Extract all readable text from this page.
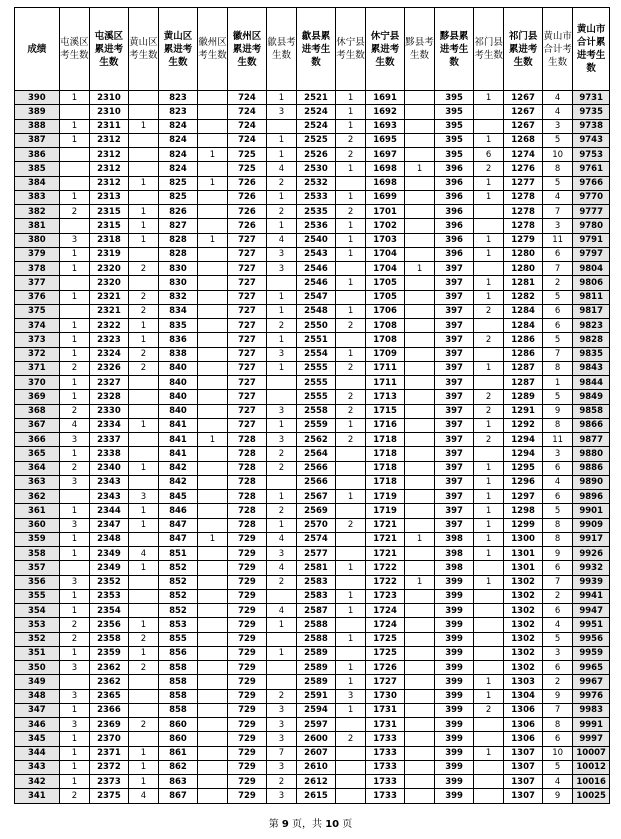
成绩	屯溪区考生数	屯溪区累进考生数	黄山区考生数	黄山区累进考生数	徽州区考生数	徽州区累进考生数	歙县考生数	歙县累进考生数	休宁县考生数	休宁县累进考生数	黟县考生数	黟县累进考生数	祁门县考生数	祁门县累进考生数	黄山市合计考生数	黄山市合计累进考生数
390	1	2310		823		724	1	2521	1	1691		395	1	1267	4	9731
389		2310		823		724	3	2524	1	1692		395		1267	4	9735
388	1	2311	1	824		724		2524	1	1693		395		1267	3	9738
387	1	2312		824		724	1	2525	2	1695		395	1	1268	5	9743
386		2312		824	1	725	1	2526	2	1697		395	6	1274	10	9753
385		2312		824		725	4	2530	1	1698	1	396	2	1276	8	9761
384		2312	1	825	1	726	2	2532		1698		396	1	1277	5	9766
383	1	2313		825		726	1	2533	1	1699		396	1	1278	4	9770
382	2	2315	1	826		726	2	2535	2	1701		396		1278	7	9777
381		2315	1	827		726	1	2536	1	1702		396		1278	3	9780
380	3	2318	1	828	1	727	4	2540	1	1703		396	1	1279	11	9791
379	1	2319		828		727	3	2543	1	1704		396	1	1280	6	9797
378	1	2320	2	830		727	3	2546		1704	1	397		1280	7	9804
377		2320		830		727		2546	1	1705		397	1	1281	2	9806
376	1	2321	2	832		727	1	2547		1705		397	1	1282	5	9811
375		2321	2	834		727	1	2548	1	1706		397	2	1284	6	9817
374	1	2322	1	835		727	2	2550	2	1708		397		1284	6	9823
373	1	2323	1	836		727	1	2551		1708		397	2	1286	5	9828
372	1	2324	2	838		727	3	2554	1	1709		397		1286	7	9835
371	2	2326	2	840		727	1	2555	2	1711		397	1	1287	8	9843
370	1	2327		840		727		2555		1711		397		1287	1	9844
369	1	2328		840		727		2555	2	1713		397	2	1289	5	9849
368	2	2330		840		727	3	2558	2	1715		397	2	1291	9	9858
367	4	2334	1	841		727	1	2559	1	1716		397	1	1292	8	9866
366	3	2337		841	1	728	3	2562	2	1718		397	2	1294	11	9877
365	1	2338		841		728	2	2564		1718		397		1294	3	9880
364	2	2340	1	842		728	2	2566		1718		397	1	1295	6	9886
363	3	2343		842		728		2566		1718		397	1	1296	4	9890
362		2343	3	845		728	1	2567	1	1719		397	1	1297	6	9896
361	1	2344	1	846		728	2	2569		1719		397	1	1298	5	9901
360	3	2347	1	847		728	1	2570	2	1721		397	1	1299	8	9909
359	1	2348		847	1	729	4	2574		1721	1	398	1	1300	8	9917
358	1	2349	4	851		729	3	2577		1721		398	1	1301	9	9926
357		2349	1	852		729	4	2581	1	1722		398		1301	6	9932
356	3	2352		852		729	2	2583		1722	1	399	1	1302	7	9939
355	1	2353		852		729		2583	1	1723		399		1302	2	9941
354	1	2354		852		729	4	2587	1	1724		399		1302	6	9947
353	2	2356	1	853		729	1	2588		1724		399		1302	4	9951
352	2	2358	2	855		729		2588	1	1725		399		1302	5	9956
351	1	2359	1	856		729	1	2589		1725		399		1302	3	9959
350	3	2362	2	858		729		2589	1	1726		399		1302	6	9965
349		2362		858		729		2589	1	1727		399	1	1303	2	9967
348	3	2365		858		729	2	2591	3	1730		399	1	1304	9	9976
347	1	2366		858		729	3	2594	1	1731		399	2	1306	7	9983
346	3	2369	2	860		729	3	2597		1731		399		1306	8	9991
345	1	2370		860		729	3	2600	2	1733		399		1306	6	9997
344	1	2371	1	861		729	7	2607		1733		399	1	1307	10	10007
343	1	2372	1	862		729	3	2610		1733		399		1307	5	10012
342	1	2373	1	863		729	2	2612		1733		399		1307	4	10016
341	2	2375	4	867		729	3	2615		1733		399		1307	9	10025
第 9 页，共 10 页
